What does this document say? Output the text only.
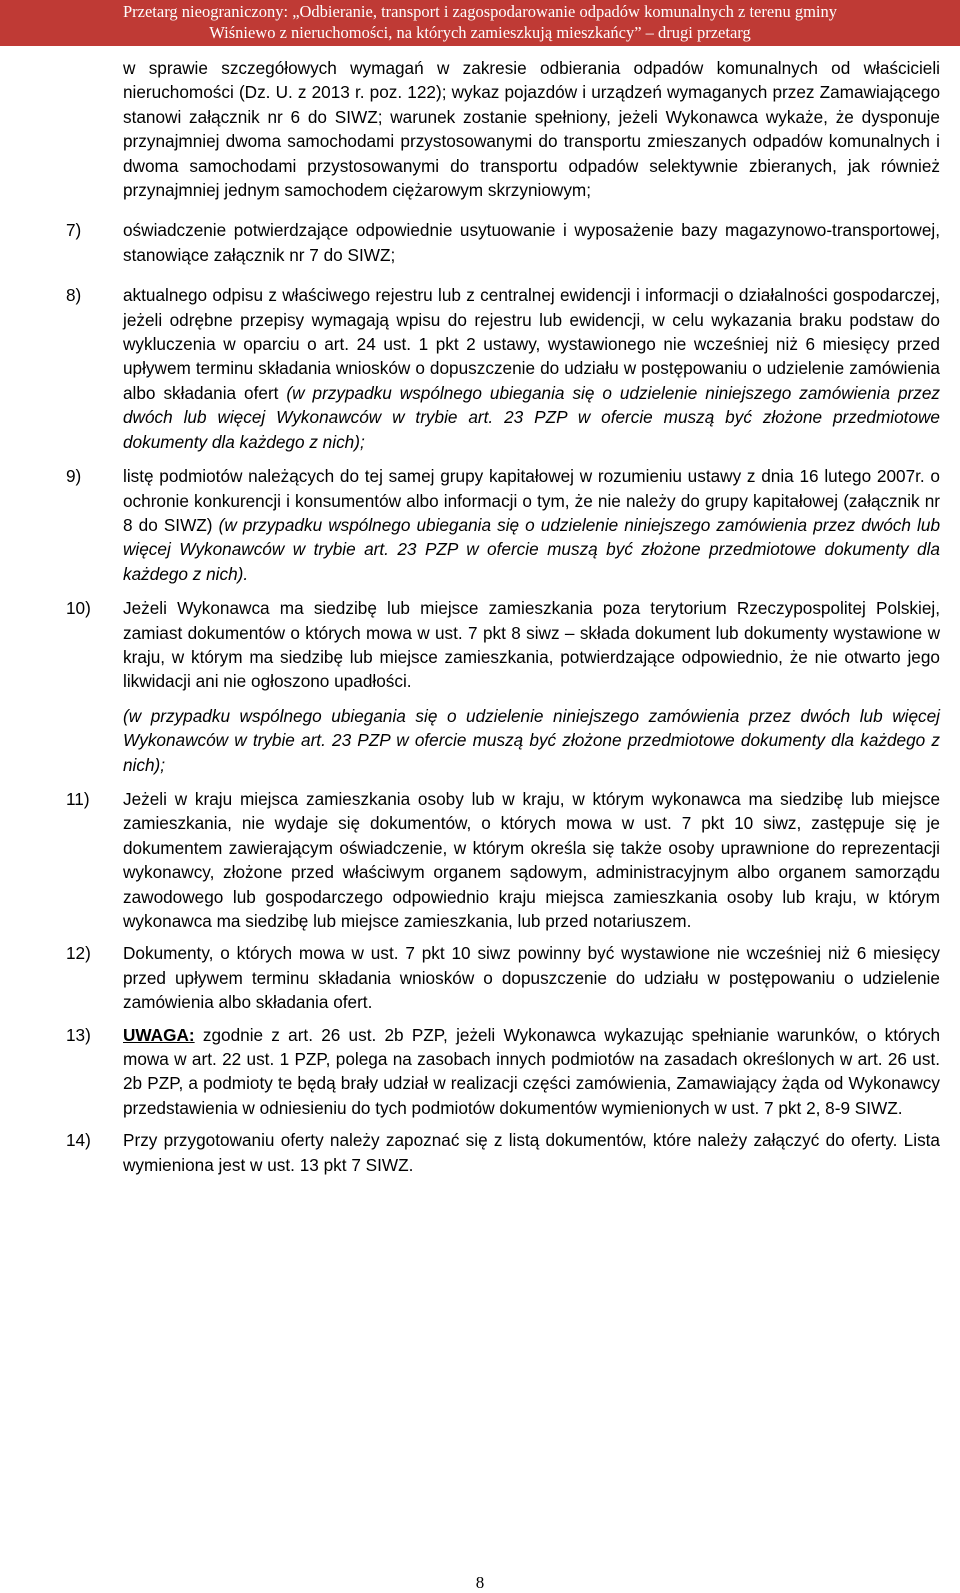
Przetarg nieograniczony: „Odbieranie, transport i zagospodarowanie odpadów komunalnych z terenu gminy
Wiśniewo z nieruchomości, na których zamieszkują mieszkańcy” – drugi przetarg

w sprawie szczegółowych wymagań w zakresie odbierania odpadów komunalnych od właścicieli nieruchomości (Dz. U. z 2013 r. poz. 122); wykaz pojazdów i urządzeń wymaganych przez Zamawiającego stanowi załącznik nr 6 do SIWZ; warunek zostanie spełniony, jeżeli Wykonawca wykaże, że dysponuje przynajmniej dwoma samochodami przystosowanymi do transportu zmieszanych odpadów komunalnych i dwoma samochodami przystosowanymi do transportu odpadów selektywnie zbieranych, jak również przynajmniej jednym samochodem ciężarowym skrzyniowym;

7)	oświadczenie potwierdzające odpowiednie usytuowanie i wyposażenie bazy magazynowo-transportowej, stanowiące załącznik nr 7 do SIWZ;

8)	aktualnego odpisu z właściwego rejestru lub z centralnej ewidencji i informacji o działalności gospodarczej, jeżeli odrębne przepisy wymagają wpisu do rejestru lub ewidencji, w celu wykazania braku podstaw do wykluczenia w oparciu o art. 24 ust. 1 pkt 2 ustawy, wystawionego nie wcześniej niż 6 miesięcy przed upływem terminu składania wniosków o dopuszczenie do udziału w postępowaniu o udzielenie zamówienia albo składania ofert (w przypadku wspólnego ubiegania się o udzielenie niniejszego zamówienia przez dwóch lub więcej Wykonawców w trybie art. 23 PZP w ofercie muszą być złożone przedmiotowe dokumenty dla każdego z nich);

9)	listę podmiotów należących do tej samej grupy kapitałowej w rozumieniu ustawy z dnia 16 lutego 2007r. o ochronie konkurencji i konsumentów albo informacji o tym, że nie należy do grupy kapitałowej (załącznik nr 8 do SIWZ) (w przypadku wspólnego ubiegania się o udzielenie niniejszego zamówienia przez dwóch lub więcej Wykonawców w trybie art. 23 PZP w ofercie muszą być złożone przedmiotowe dokumenty dla każdego z nich).

10)	Jeżeli Wykonawca ma siedzibę lub miejsce zamieszkania poza terytorium Rzeczypospolitej Polskiej, zamiast dokumentów o których mowa w ust. 7 pkt 8 siwz – składa dokument lub dokumenty wystawione w kraju, w którym ma siedzibę lub miejsce zamieszkania, potwierdzające odpowiednio, że nie otwarto jego likwidacji ani nie ogłoszono upadłości.

(w przypadku wspólnego ubiegania się o udzielenie niniejszego zamówienia przez dwóch lub więcej Wykonawców w trybie art. 23 PZP w ofercie muszą być złożone przedmiotowe dokumenty dla każdego z nich);

11)	Jeżeli w kraju miejsca zamieszkania osoby lub w kraju, w którym wykonawca ma siedzibę lub miejsce zamieszkania, nie wydaje się dokumentów, o których mowa w ust. 7 pkt 10 siwz, zastępuje się je dokumentem zawierającym oświadczenie, w którym określa się także osoby uprawnione do reprezentacji wykonawcy, złożone przed właściwym organem sądowym, administracyjnym albo organem samorządu zawodowego lub gospodarczego odpowiednio kraju miejsca zamieszkania osoby lub kraju, w którym wykonawca ma siedzibę lub miejsce zamieszkania, lub przed notariuszem.

12)	Dokumenty, o których mowa w ust. 7 pkt 10 siwz powinny być wystawione nie wcześniej niż 6 miesięcy przed upływem terminu składania wniosków o dopuszczenie do udziału w postępowaniu o udzielenie zamówienia albo składania ofert.

13)	UWAGA: zgodnie z art. 26 ust. 2b PZP, jeżeli Wykonawca wykazując spełnianie warunków, o których mowa w art. 22 ust. 1 PZP, polega na zasobach innych podmiotów na zasadach określonych w art. 26 ust. 2b PZP, a podmioty te będą brały udział w realizacji części zamówienia, Zamawiający żąda od Wykonawcy przedstawienia w odniesieniu do tych podmiotów dokumentów wymienionych w ust. 7 pkt 2, 8-9 SIWZ.

14)	Przy przygotowaniu oferty należy zapoznać się z listą dokumentów, które należy załączyć do oferty. Lista wymieniona jest w ust. 13 pkt 7 SIWZ.

8
